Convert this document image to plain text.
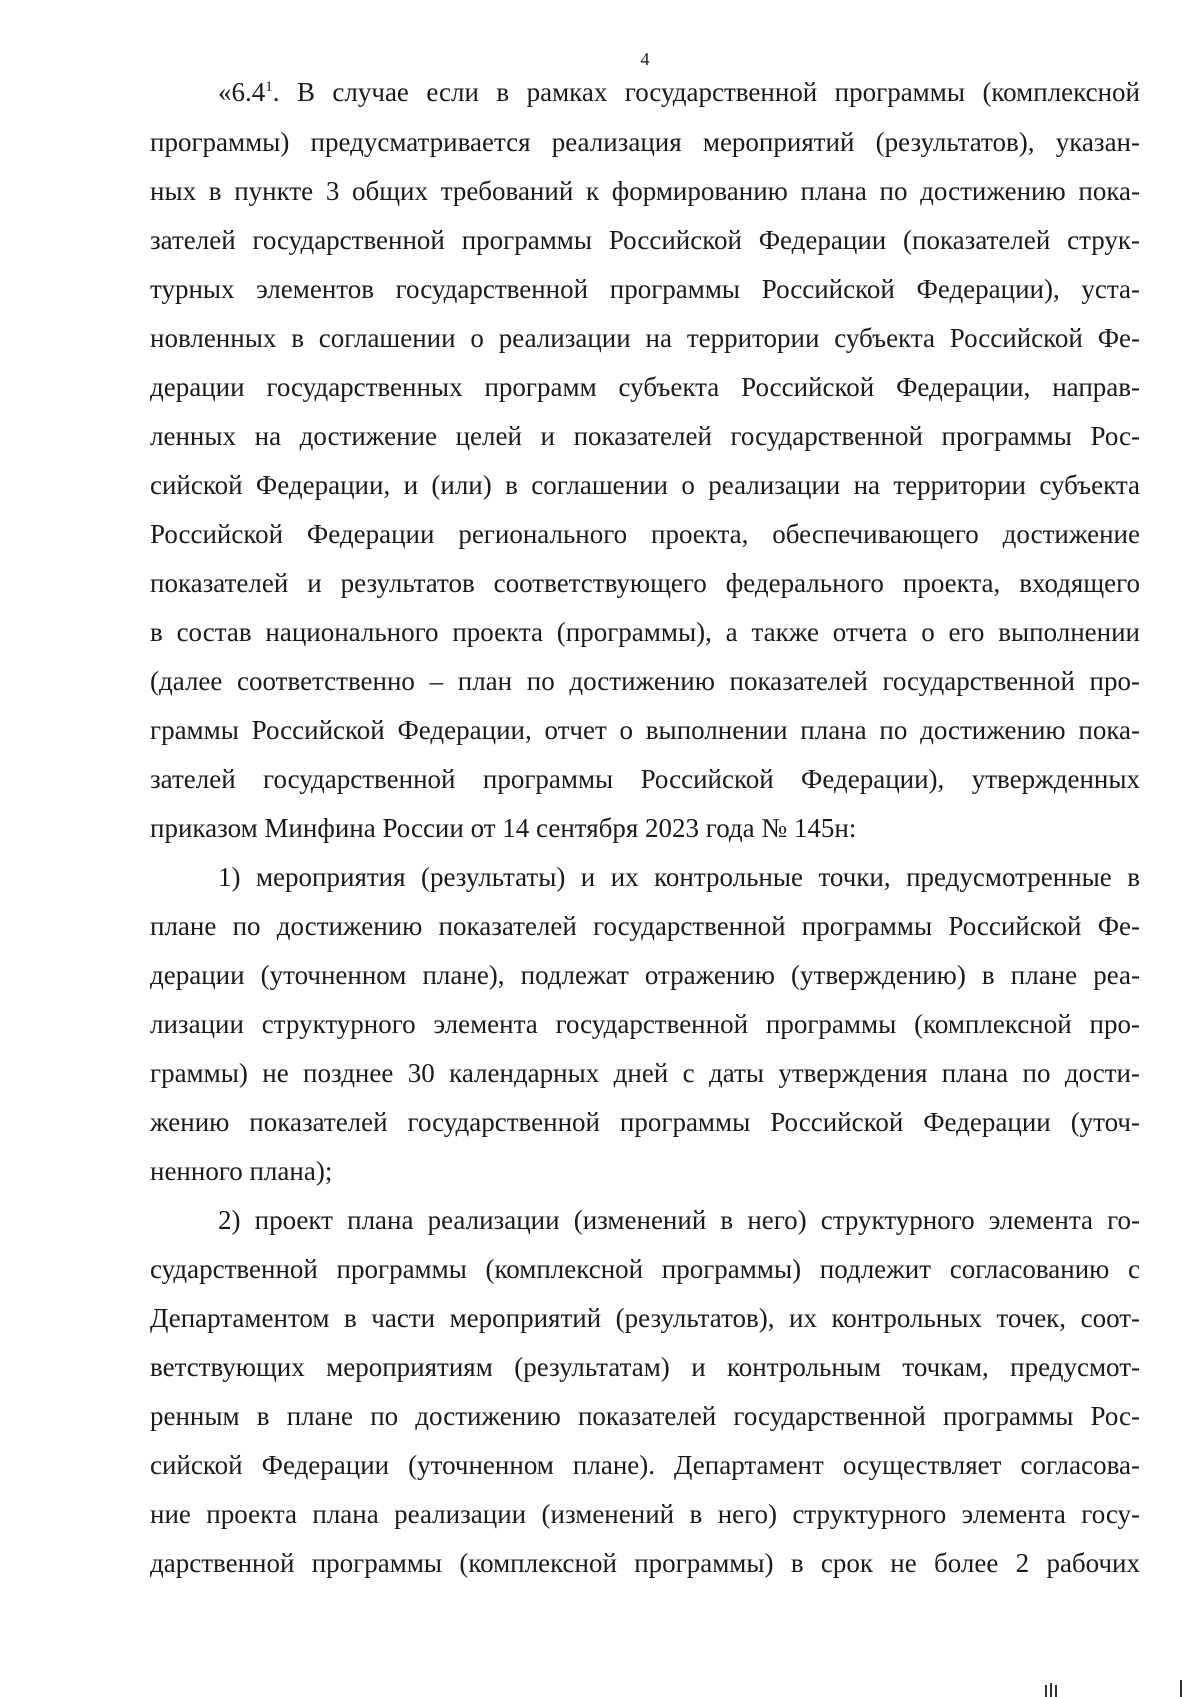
4
«$6.4^1$. В случае если в рамках государственной программы (комплексной
программы) предусматривается реализация мероприятий (результатов), указан-
ных в пункте 3 общих требований к формированию плана по достижению пока-
зателей государственной программы Российской Федерации (показателей струк-
турных элементов государственной программы Российской Федерации), уста-
новленных в соглашении о реализации на территории субъекта Российской Фе-
дерации государственных программ субъекта Российской Федерации, направ-
ленных на достижение целей и показателей государственной программы Рос-
сийской Федерации, и (или) в соглашении о реализации на территории субъекта
Российской Федерации регионального проекта, обеспечивающего достижение
показателей и результатов соответствующего федерального проекта, входящего
в состав национального проекта (программы), а также отчета о его выполнении
(далее соответственно – план по достижению показателей государственной про-
граммы Российской Федерации, отчет о выполнении плана по достижению пока-
зателей государственной программы Российской Федерации), утвержденных
приказом Минфина России от 14 сентября 2023 года № 145н:
1) мероприятия (результаты) и их контрольные точки, предусмотренные в
плане по достижению показателей государственной программы Российской Фе-
дерации (уточненном плане), подлежат отражению (утверждению) в плане реа-
лизации структурного элемента государственной программы (комплексной про-
граммы) не позднее 30 календарных дней с даты утверждения плана по дости-
жению показателей государственной программы Российской Федерации (уточ-
ненного плана);
2) проект плана реализации (изменений в него) структурного элемента го-
сударственной программы (комплексной программы) подлежит согласованию с
Департаментом в части мероприятий (результатов), их контрольных точек, соот-
ветствующих мероприятиям (результатам) и контрольным точкам, предусмот-
ренным в плане по достижению показателей государственной программы Рос-
сийской Федерации (уточненном плане). Департамент осуществляет согласова-
ние проекта плана реализации (изменений в него) структурного элемента госу-
дарственной программы (комплексной программы) в срок не более 2 рабочих
